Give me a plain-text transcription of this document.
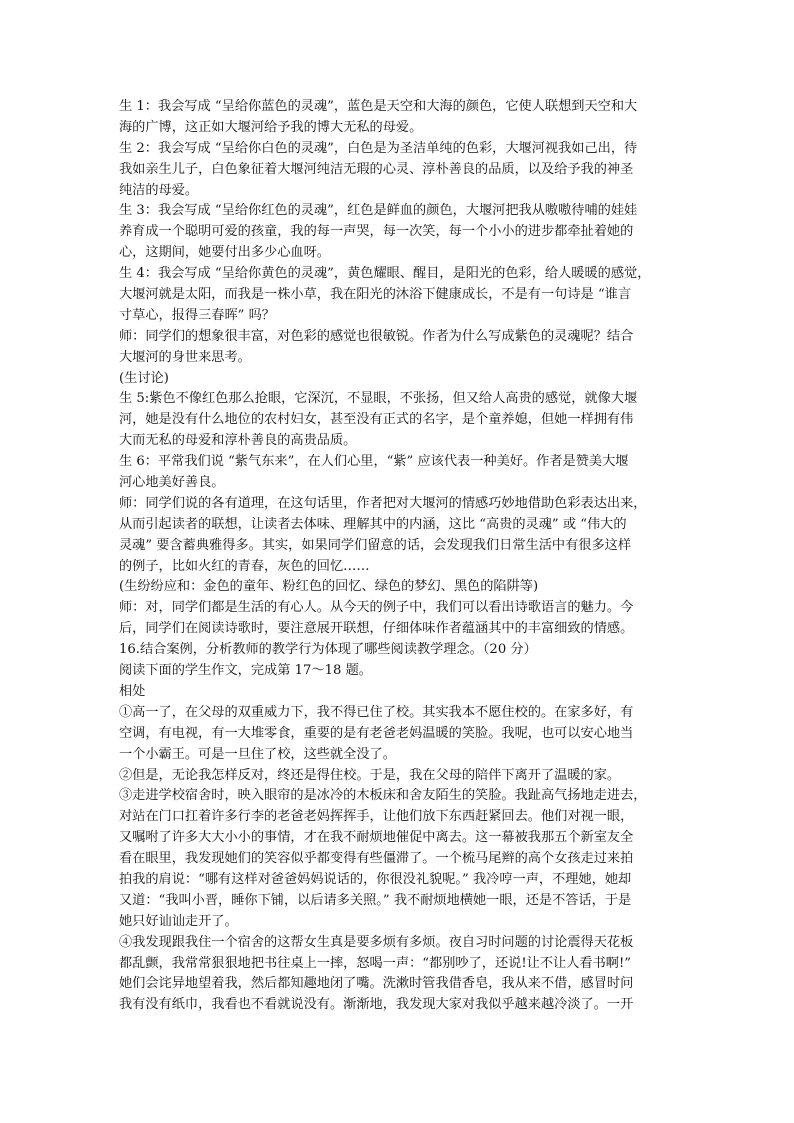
生 1：我会写成 “呈给你蓝色的灵魂”，蓝色是天空和大海的颜色，它使人联想到天空和大
海的广博，这正如大堰河给予我的博大无私的母爱。
生 2：我会写成 “呈给你白色的灵魂”，白色是为圣洁单纯的色彩，大堰河视我如己出，待
我如亲生儿子，白色象征着大堰河纯洁无瑕的心灵、淳朴善良的品质，以及给予我的神圣
纯洁的母爱。
生 3：我会写成 “呈给你红色的灵魂”，红色是鲜血的颜色，大堰河把我从嗷嗷待哺的娃娃
养育成一个聪明可爱的孩童，我的每一声哭，每一次笑，每一个小小的进步都牵扯着她的
心，这期间，她要付出多少心血呀。
生 4：我会写成 “呈给你黄色的灵魂”，黄色耀眼、醒目，是阳光的色彩，给人暖暖的感觉，
大堰河就是太阳，而我是一株小草，我在阳光的沐浴下健康成长，不是有一句诗是 “谁言
寸草心，报得三春晖” 吗？
师：同学们的想象很丰富，对色彩的感觉也很敏锐。作者为什么写成紫色的灵魂呢？结合
大堰河的身世来思考。
(生讨论)
生 5:紫色不像红色那么抢眼，它深沉，不显眼，不张扬，但又给人高贵的感觉，就像大堰
河，她是没有什么地位的农村妇女，甚至没有正式的名字，是个童养媳，但她一样拥有伟
大而无私的母爱和淳朴善良的高贵品质。
生 6：平常我们说 “紫气东来”，在人们心里，“紫” 应该代表一种美好。作者是赞美大堰
河心地美好善良。
师：同学们说的各有道理，在这句话里，作者把对大堰河的情感巧妙地借助色彩表达出来，
从而引起读者的联想，让读者去体味、理解其中的内涵，这比 “高贵的灵魂” 或 “伟大的
灵魂” 要含蓄典雅得多。其实，如果同学们留意的话，会发现我们日常生活中有很多这样
的例子，比如火红的青春，灰色的回忆……
(生纷纷应和：金色的童年、粉红色的回忆、绿色的梦幻、黑色的陷阱等)
师：对，同学们都是生活的有心人。从今天的例子中，我们可以看出诗歌语言的魅力。今
后，同学们在阅读诗歌时，要注意展开联想，仔细体味作者蕴涵其中的丰富细致的情感。
16.结合案例，分析教师的教学行为体现了哪些阅读教学理念。（20 分）
阅读下面的学生作文，完成第 17～18 题。
相处
①高一了，在父母的双重威力下，我不得已住了校。其实我本不愿住校的。在家多好，有
空调，有电视，有一大堆零食，重要的是有老爸老妈温暖的笑脸。我呢，也可以安心地当
一个小霸王。可是一旦住了校，这些就全没了。
②但是，无论我怎样反对，终还是得住校。于是，我在父母的陪伴下离开了温暖的家。
③走进学校宿舍时，映入眼帘的是冰冷的木板床和舍友陌生的笑脸。我趾高气扬地走进去，
对站在门口扛着许多行李的老爸老妈挥挥手，让他们放下东西赶紧回去。他们对视一眼，
又嘱咐了许多大大小小的事情，才在我不耐烦地催促中离去。这一幕被我那五个新室友全
看在眼里，我发现她们的笑容似乎都变得有些僵滞了。一个梳马尾辫的高个女孩走过来拍
拍我的肩说：“哪有这样对爸爸妈妈说话的，你很没礼貌呢。” 我冷哼一声，不理她，她却
又道：“我叫小晋，睡你下铺，以后请多关照。” 我不耐烦地横她一眼，还是不答话，于是
她只好讪讪走开了。
④我发现跟我住一个宿舍的这帮女生真是要多烦有多烦。夜自习时问题的讨论震得天花板
都乱颤，我常常狠狠地把书往桌上一摔，怒喝一声：“都别吵了，还说!让不让人看书啊!”
她们会诧异地望着我，然后都知趣地闭了嘴。洗漱时管我借香皂，我从来不借，感冒时问
我有没有纸巾，我看也不看就说没有。渐渐地，我发现大家对我似乎越来越冷淡了。一开
